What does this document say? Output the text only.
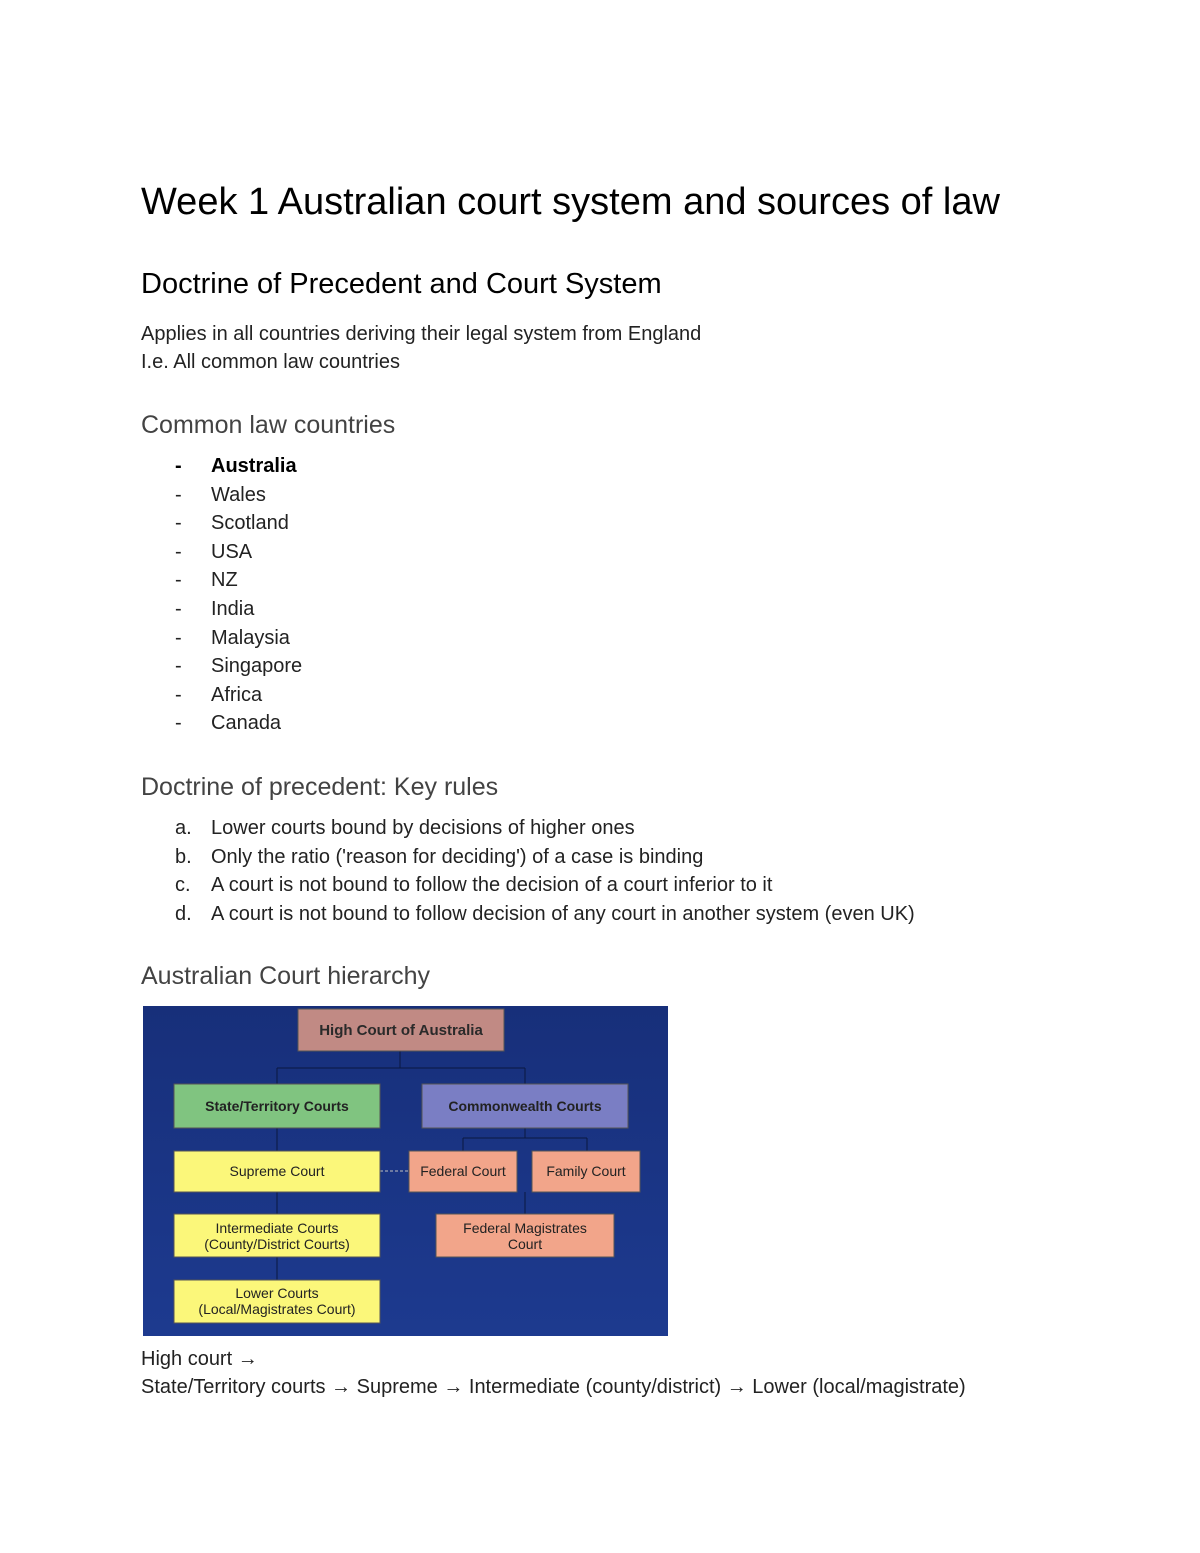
Week 1 Australian court system and sources of law
Doctrine of Precedent and Court System
Applies in all countries deriving their legal system from England
I.e. All common law countries
Common law countries
-	Australia
-	Wales
-	Scotland
-	USA
-	NZ
-	India
-	Malaysia
-	Singapore
-	Africa
-	Canada
Doctrine of precedent: Key rules
a. Lower courts bound by decisions of higher ones
b. Only the ratio ('reason for deciding') of a case is binding
c. A court is not bound to follow the decision of a court inferior to it
d. A court is not bound to follow decision of any court in another system (even UK)
Australian Court hierarchy
High Court of Australia
State/Territory Courts	Commonwealth Courts
Supreme Court
Intermediate Courts
(County/District Courts)
Lower Courts
(Local/Magistrates Court)
Federal Court	Family Court
Federal Magistrates
Court
High court →
State/Territory courts → Supreme → Intermediate (county/district) → Lower (local/magistrate)
